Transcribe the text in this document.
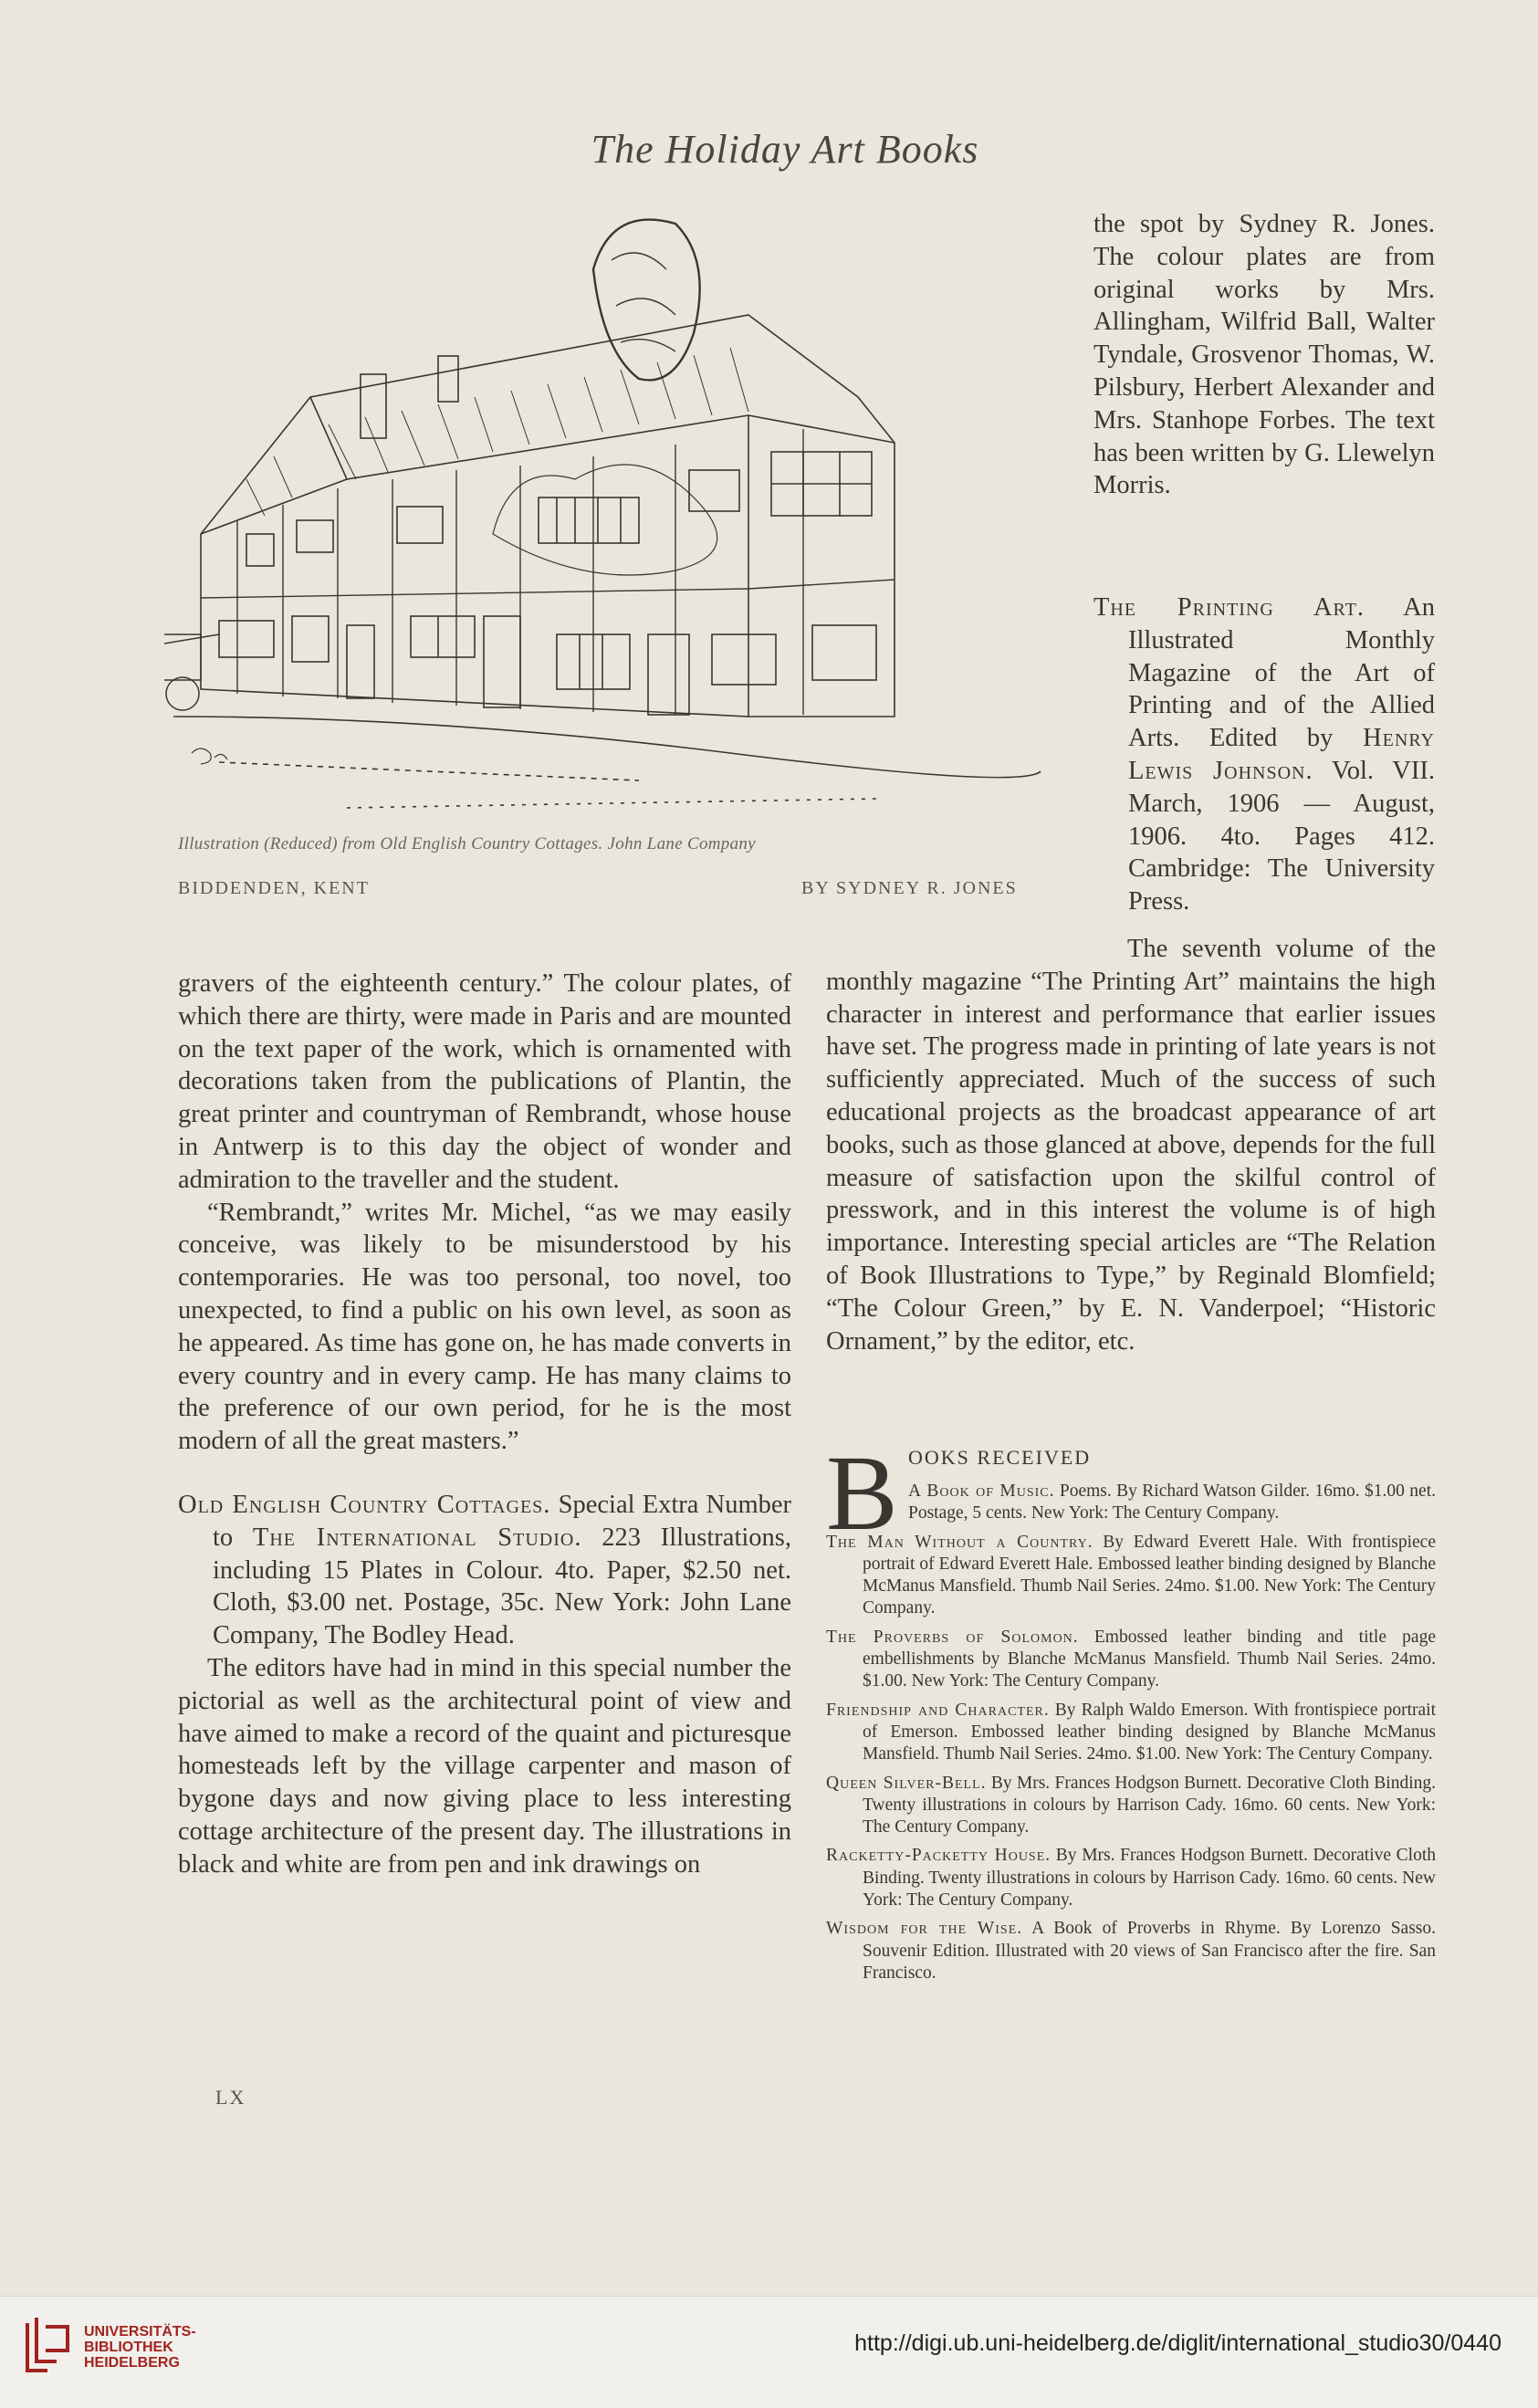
The Holiday Art Books
Illustration (Reduced) from Old English Country Cottages. John Lane Company
BIDDENDEN, KENT	BY SYDNEY R. JONES

the spot by Sydney R. Jones. The colour plates are from original works by Mrs. Allingham, Wilfrid Ball, Walter Tyndale, Grosvenor Thomas, W. Pilsbury, Herbert Alexander and Mrs. Stanhope Forbes. The text has been written by G. Llewelyn Morris.

The Printing Art. An Illustrated Monthly Magazine of the Art of Printing and of the Allied Arts. Edited by Henry Lewis Johnson. Vol. VII. March, 1906 — August, 1906. 4to. Pages 412. Cambridge: The University Press.

gravers of the eighteenth century.” The colour plates, of which there are thirty, were made in Paris and are mounted on the text paper of the work, which is ornamented with decorations taken from the publications of Plantin, the great printer and countryman of Rembrandt, whose house in Antwerp is to this day the object of wonder and admiration to the traveller and the student.

“Rembrandt,” writes Mr. Michel, “as we may easily conceive, was likely to be misunderstood by his contemporaries. He was too personal, too novel, too unexpected, to find a public on his own level, as soon as he appeared. As time has gone on, he has made converts in every country and in every camp. He has many claims to the preference of our own period, for he is the most modern of all the great masters.”

Old English Country Cottages. Special Extra Number to The International Studio. 223 Illustrations, including 15 Plates in Colour. 4to. Paper, $2.50 net. Cloth, $3.00 net. Postage, 35c. New York: John Lane Company, The Bodley Head.

The editors have had in mind in this special number the pictorial as well as the architectural point of view and have aimed to make a record of the quaint and picturesque homesteads left by the village carpenter and mason of bygone days and now giving place to less interesting cottage architecture of the present day. The illustrations in black and white are from pen and ink drawings on

The seventh volume of the monthly magazine “The Printing Art” maintains the high character in interest and performance that earlier issues have set. The progress made in printing of late years is not sufficiently appreciated. Much of the success of such educational projects as the broadcast appearance of art books, such as those glanced at above, depends for the full measure of satisfaction upon the skilful control of presswork, and in this interest the volume is of high importance. Interesting special articles are “The Relation of Book Illustrations to Type,” by Reginald Blomfield; “The Colour Green,” by E. N. Vanderpoel; “Historic Ornament,” by the editor, etc.

B OOKS RECEIVED

A Book of Music. Poems. By Richard Watson Gilder. 16mo. $1.00 net. Postage, 5 cents. New York: The Century Company.

The Man Without a Country. By Edward Everett Hale. With frontispiece portrait of Edward Everett Hale. Embossed leather binding designed by Blanche McManus Mansfield. Thumb Nail Series. 24mo. $1.00. New York: The Century Company.

The Proverbs of Solomon. Embossed leather binding and title page embellishments by Blanche McManus Mansfield. Thumb Nail Series. 24mo. $1.00. New York: The Century Company.

Friendship and Character. By Ralph Waldo Emerson. With frontispiece portrait of Emerson. Embossed leather binding designed by Blanche McManus Mansfield. Thumb Nail Series. 24mo. $1.00. New York: The Century Company.

Queen Silver-Bell. By Mrs. Frances Hodgson Burnett. Decorative Cloth Binding. Twenty illustrations in colours by Harrison Cady. 16mo. 60 cents. New York: The Century Company.

Racketty-Packetty House. By Mrs. Frances Hodgson Burnett. Decorative Cloth Binding. Twenty illustrations in colours by Harrison Cady. 16mo. 60 cents. New York: The Century Company.

Wisdom for the Wise. A Book of Proverbs in Rhyme. By Lorenzo Sasso. Souvenir Edition. Illustrated with 20 views of San Francisco after the fire. San Francisco.

LX
UNIVERSITÄTS-
BIBLIOTHEK
HEIDELBERG
http://digi.ub.uni-heidelberg.de/diglit/international_studio30/0440
